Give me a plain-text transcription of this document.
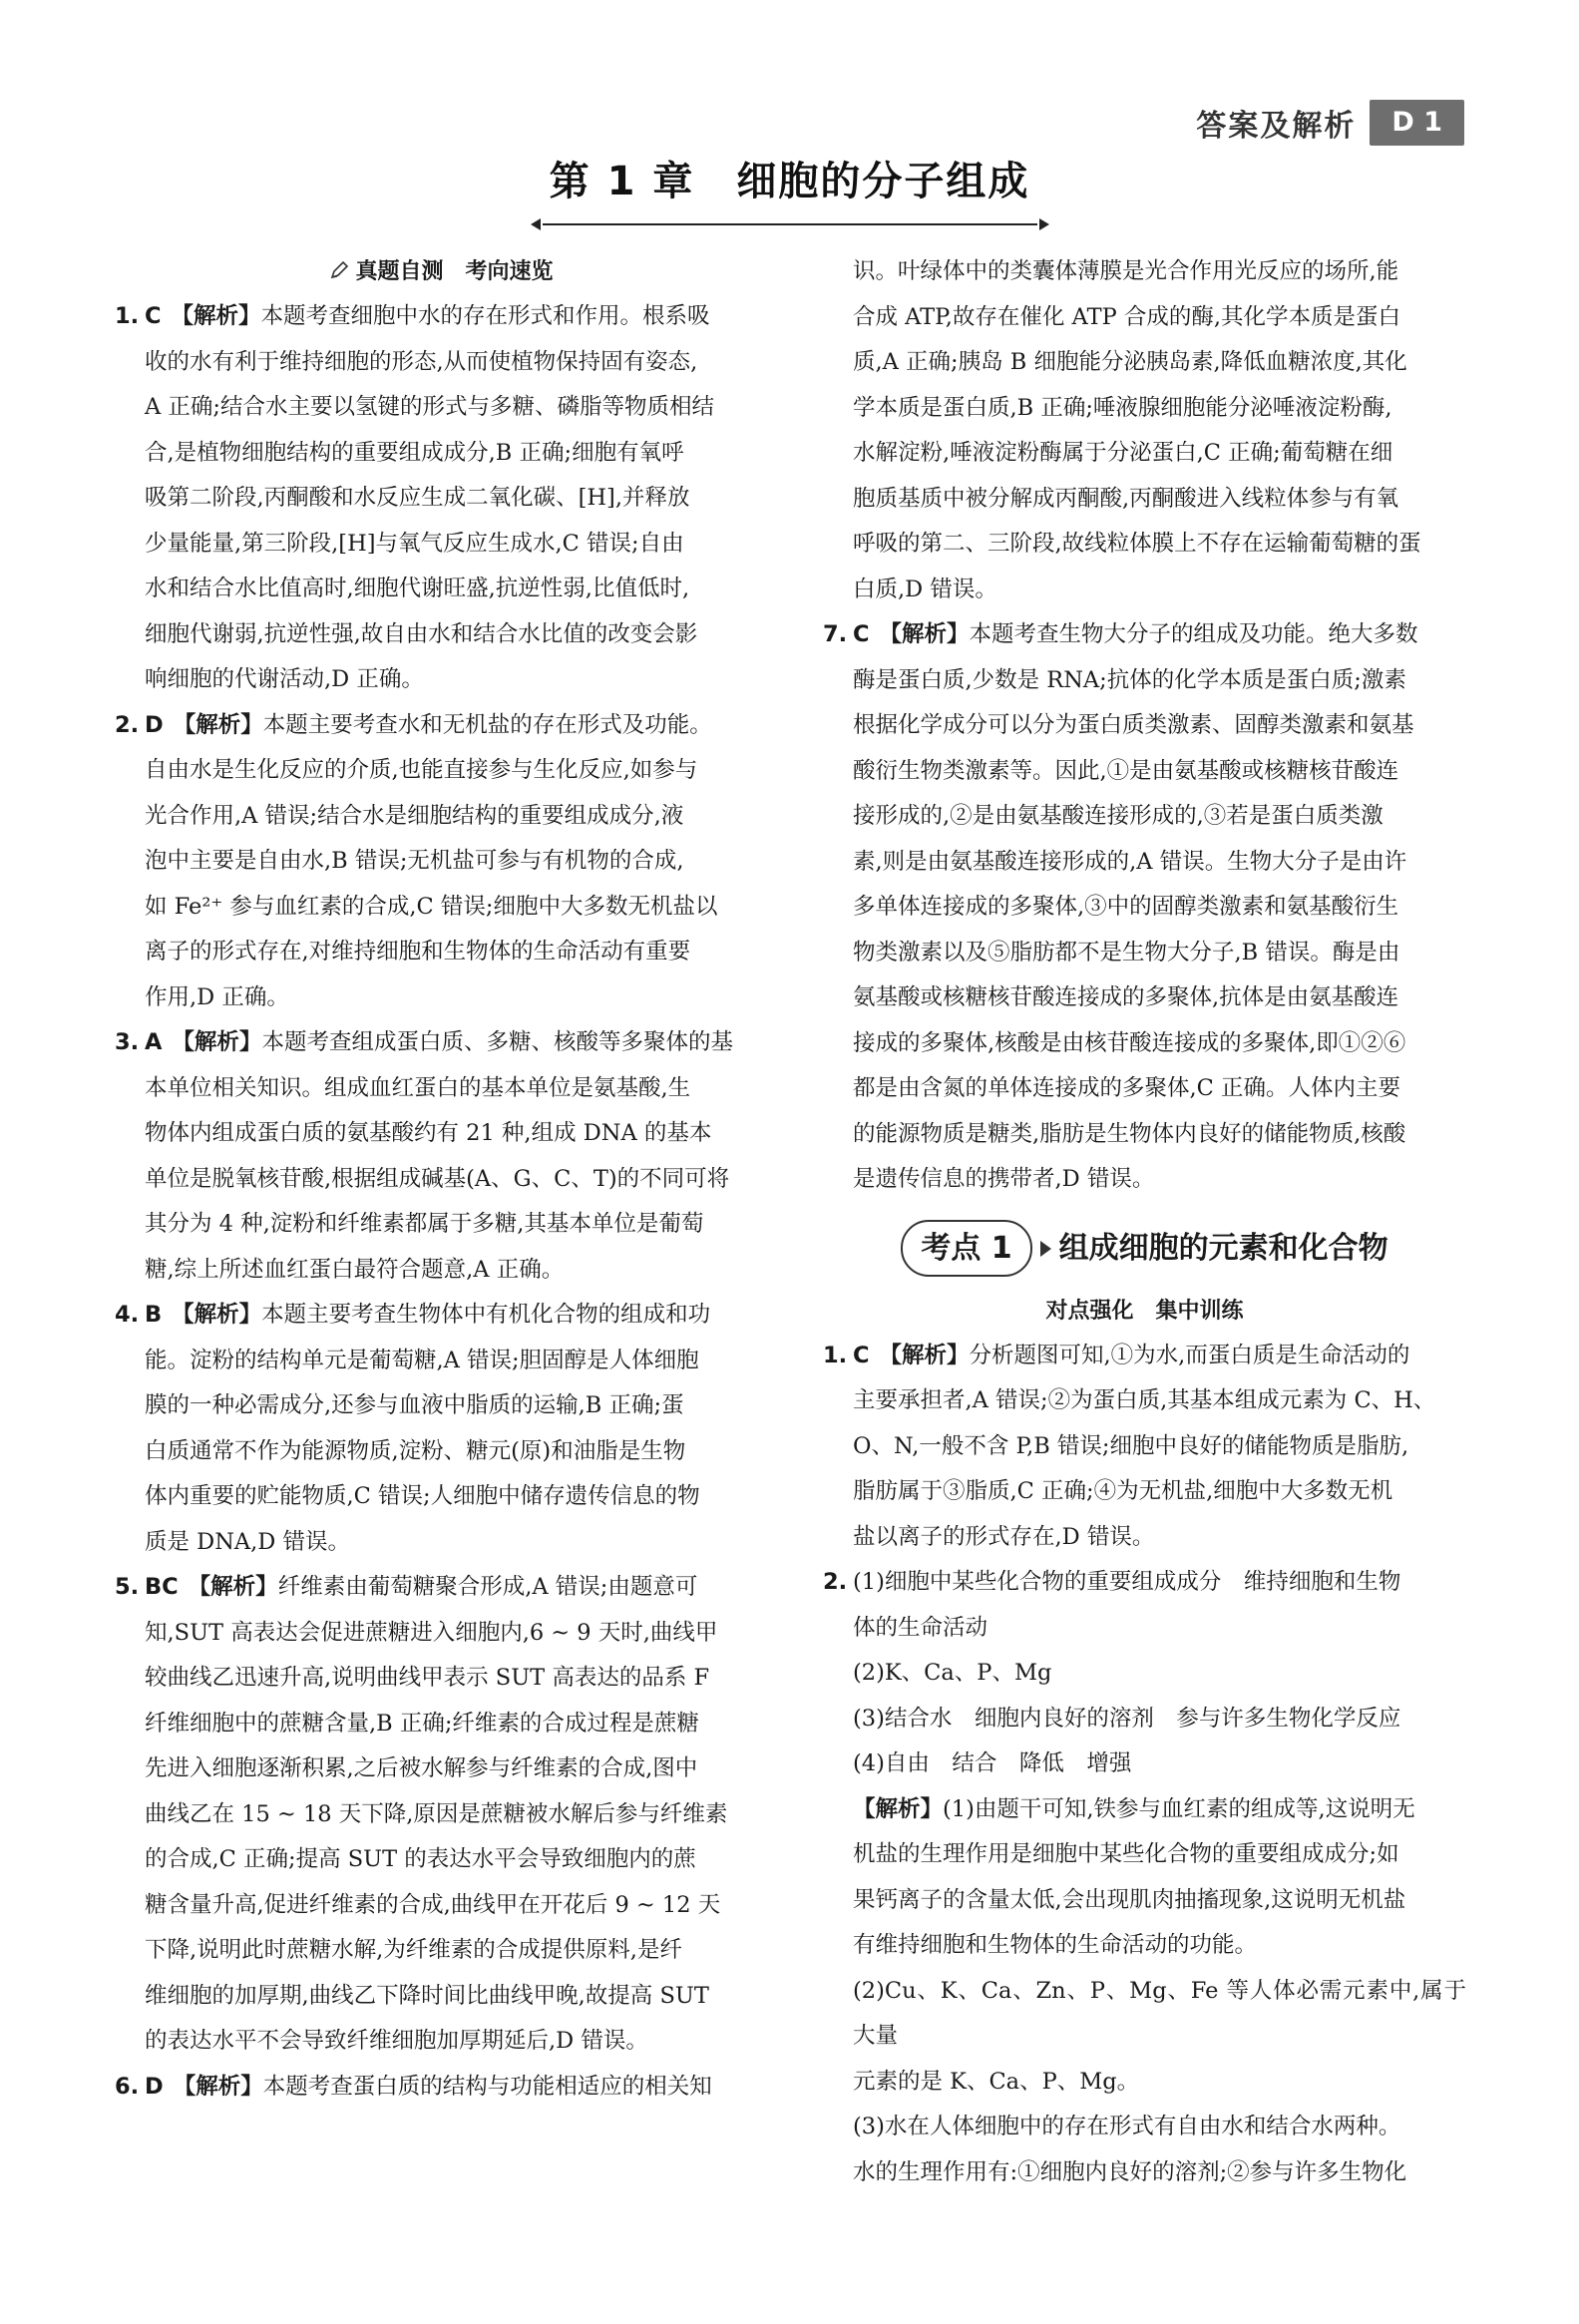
答案及解析	D 1
第 1 章　细胞的分子组成
真题自测　考向速览
1. C 【解析】本题考查细胞中水的存在形式和作用。根系吸
收的水有利于维持细胞的形态,从而使植物保持固有姿态,
A 正确;结合水主要以氢键的形式与多糖、磷脂等物质相结
合,是植物细胞结构的重要组成成分,B 正确;细胞有氧呼
吸第二阶段,丙酮酸和水反应生成二氧化碳、[H],并释放
少量能量,第三阶段,[H]与氧气反应生成水,C 错误;自由
水和结合水比值高时,细胞代谢旺盛,抗逆性弱,比值低时,
细胞代谢弱,抗逆性强,故自由水和结合水比值的改变会影
响细胞的代谢活动,D 正确。
2. D 【解析】本题主要考查水和无机盐的存在形式及功能。
自由水是生化反应的介质,也能直接参与生化反应,如参与
光合作用,A 错误;结合水是细胞结构的重要组成成分,液
泡中主要是自由水,B 错误;无机盐可参与有机物的合成,
如 Fe²⁺ 参与血红素的合成,C 错误;细胞中大多数无机盐以
离子的形式存在,对维持细胞和生物体的生命活动有重要
作用,D 正确。
3. A 【解析】本题考查组成蛋白质、多糖、核酸等多聚体的基
本单位相关知识。组成血红蛋白的基本单位是氨基酸,生
物体内组成蛋白质的氨基酸约有 21 种,组成 DNA 的基本
单位是脱氧核苷酸,根据组成碱基(A、G、C、T)的不同可将
其分为 4 种,淀粉和纤维素都属于多糖,其基本单位是葡萄
糖,综上所述血红蛋白最符合题意,A 正确。
4. B 【解析】本题主要考查生物体中有机化合物的组成和功
能。淀粉的结构单元是葡萄糖,A 错误;胆固醇是人体细胞
膜的一种必需成分,还参与血液中脂质的运输,B 正确;蛋
白质通常不作为能源物质,淀粉、糖元(原)和油脂是生物
体内重要的贮能物质,C 错误;人细胞中储存遗传信息的物
质是 DNA,D 错误。
5. BC 【解析】纤维素由葡萄糖聚合形成,A 错误;由题意可
知,SUT 高表达会促进蔗糖进入细胞内,6 ~ 9 天时,曲线甲
较曲线乙迅速升高,说明曲线甲表示 SUT 高表达的品系 F
纤维细胞中的蔗糖含量,B 正确;纤维素的合成过程是蔗糖
先进入细胞逐渐积累,之后被水解参与纤维素的合成,图中
曲线乙在 15 ~ 18 天下降,原因是蔗糖被水解后参与纤维素
的合成,C 正确;提高 SUT 的表达水平会导致细胞内的蔗
糖含量升高,促进纤维素的合成,曲线甲在开花后 9 ~ 12 天
下降,说明此时蔗糖水解,为纤维素的合成提供原料,是纤
维细胞的加厚期,曲线乙下降时间比曲线甲晚,故提高 SUT
的表达水平不会导致纤维细胞加厚期延后,D 错误。
6. D 【解析】本题考查蛋白质的结构与功能相适应的相关知
识。叶绿体中的类囊体薄膜是光合作用光反应的场所,能
合成 ATP,故存在催化 ATP 合成的酶,其化学本质是蛋白
质,A 正确;胰岛 B 细胞能分泌胰岛素,降低血糖浓度,其化
学本质是蛋白质,B 正确;唾液腺细胞能分泌唾液淀粉酶,
水解淀粉,唾液淀粉酶属于分泌蛋白,C 正确;葡萄糖在细
胞质基质中被分解成丙酮酸,丙酮酸进入线粒体参与有氧
呼吸的第二、三阶段,故线粒体膜上不存在运输葡萄糖的蛋
白质,D 错误。
7. C 【解析】本题考查生物大分子的组成及功能。绝大多数
酶是蛋白质,少数是 RNA;抗体的化学本质是蛋白质;激素
根据化学成分可以分为蛋白质类激素、固醇类激素和氨基
酸衍生物类激素等。因此,①是由氨基酸或核糖核苷酸连
接形成的,②是由氨基酸连接形成的,③若是蛋白质类激
素,则是由氨基酸连接形成的,A 错误。生物大分子是由许
多单体连接成的多聚体,③中的固醇类激素和氨基酸衍生
物类激素以及⑤脂肪都不是生物大分子,B 错误。酶是由
氨基酸或核糖核苷酸连接成的多聚体,抗体是由氨基酸连
接成的多聚体,核酸是由核苷酸连接成的多聚体,即①②⑥
都是由含氮的单体连接成的多聚体,C 正确。人体内主要
的能源物质是糖类,脂肪是生物体内良好的储能物质,核酸
是遗传信息的携带者,D 错误。
考点 1	组成细胞的元素和化合物
对点强化　集中训练
1. C 【解析】分析题图可知,①为水,而蛋白质是生命活动的
主要承担者,A 错误;②为蛋白质,其基本组成元素为 C、H、
O、N,一般不含 P,B 错误;细胞中良好的储能物质是脂肪,
脂肪属于③脂质,C 正确;④为无机盐,细胞中大多数无机
盐以离子的形式存在,D 错误。
2. (1)细胞中某些化合物的重要组成成分　维持细胞和生物
体的生命活动
(2)K、Ca、P、Mg
(3)结合水　细胞内良好的溶剂　参与许多生物化学反应
(4)自由　结合　降低　增强
【解析】(1)由题干可知,铁参与血红素的组成等,这说明无
机盐的生理作用是细胞中某些化合物的重要组成成分;如
果钙离子的含量太低,会出现肌肉抽搐现象,这说明无机盐
有维持细胞和生物体的生命活动的功能。
(2)Cu、K、Ca、Zn、P、Mg、Fe 等人体必需元素中,属于大量
元素的是 K、Ca、P、Mg。
(3)水在人体细胞中的存在形式有自由水和结合水两种。
水的生理作用有:①细胞内良好的溶剂;②参与许多生物化
